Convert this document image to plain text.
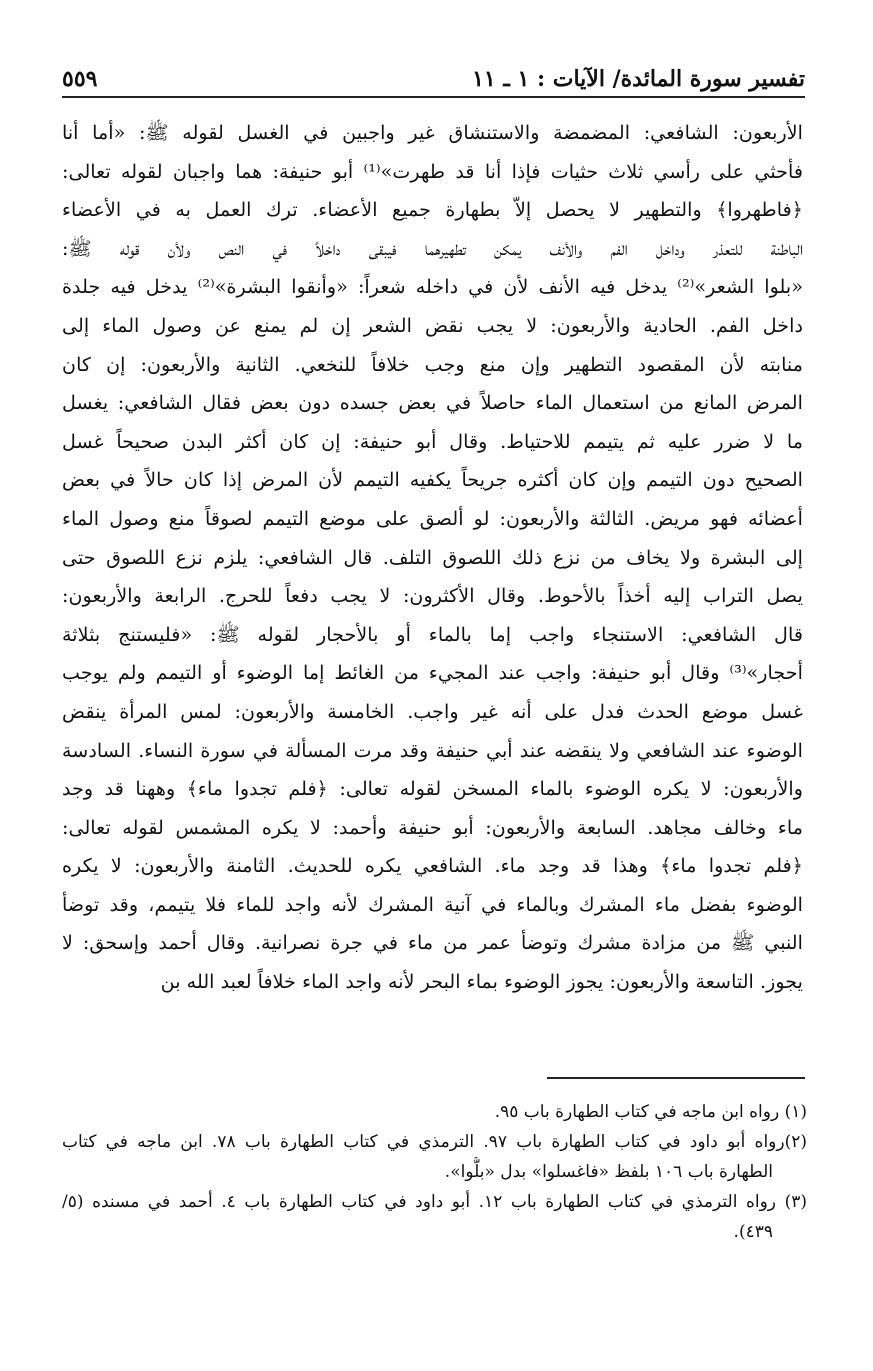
تفسير سورة المائدة/ الآيات : ١ ـ ١١
٥٥٩
الأربعون: الشافعي: المضمضة والاستنشاق غير واجبين في الغسل لقوله ﷺ: «أما أنا
فأحثي على رأسي ثلاث حثيات فإذا أنا قد طهرت»⁽¹⁾ أبو حنيفة: هما واجبان لقوله تعالى:
﴿فاطهروا﴾ والتطهير لا يحصل إلاّ بطهارة جميع الأعضاء. ترك العمل به في الأعضاء
الباطنة للتعذر وداخل الفم والأنف يمكن تطهيرهما فيبقى داخلاً في النص ولأن قوله ﷺ:
«بلوا الشعر»⁽²⁾ يدخل فيه الأنف لأن في داخله شعراً: «وأنقوا البشرة»⁽²⁾ يدخل فيه جلدة
داخل الفم. الحادية والأربعون: لا يجب نقض الشعر إن لم يمنع عن وصول الماء إلى
منابته لأن المقصود التطهير وإن منع وجب خلافاً للنخعي. الثانية والأربعون: إن كان
المرض المانع من استعمال الماء حاصلاً في بعض جسده دون بعض فقال الشافعي: يغسل
ما لا ضرر عليه ثم يتيمم للاحتياط. وقال أبو حنيفة: إن كان أكثر البدن صحيحاً غسل
الصحيح دون التيمم وإن كان أكثره جريحاً يكفيه التيمم لأن المرض إذا كان حالاً في بعض
أعضائه فهو مريض. الثالثة والأربعون: لو ألصق على موضع التيمم لصوقاً منع وصول الماء
إلى البشرة ولا يخاف من نزع ذلك اللصوق التلف. قال الشافعي: يلزم نزع اللصوق حتى
يصل التراب إليه أخذاً بالأحوط. وقال الأكثرون: لا يجب دفعاً للحرج. الرابعة والأربعون:
قال الشافعي: الاستنجاء واجب إما بالماء أو بالأحجار لقوله ﷺ: «فليستنج بثلاثة
أحجار»⁽³⁾ وقال أبو حنيفة: واجب عند المجيء من الغائط إما الوضوء أو التيمم ولم يوجب
غسل موضع الحدث فدل على أنه غير واجب. الخامسة والأربعون: لمس المرأة ينقض
الوضوء عند الشافعي ولا ينقضه عند أبي حنيفة وقد مرت المسألة في سورة النساء. السادسة
والأربعون: لا يكره الوضوء بالماء المسخن لقوله تعالى: ﴿فلم تجدوا ماء﴾ وههنا قد وجد
ماء وخالف مجاهد. السابعة والأربعون: أبو حنيفة وأحمد: لا يكره المشمس لقوله تعالى:
﴿فلم تجدوا ماء﴾ وهذا قد وجد ماء. الشافعي يكره للحديث. الثامنة والأربعون: لا يكره
الوضوء بفضل ماء المشرك وبالماء في آنية المشرك لأنه واجد للماء فلا يتيمم، وقد توضأ
النبي ﷺ من مزادة مشرك وتوضأ عمر من ماء في جرة نصرانية. وقال أحمد وإسحق: لا
يجوز. التاسعة والأربعون: يجوز الوضوء بماء البحر لأنه واجد الماء خلافاً لعبد الله بن
(١) رواه ابن ماجه في كتاب الطهارة باب ٩٥.
(٢)رواه أبو داود في كتاب الطهارة باب ٩٧. الترمذي في كتاب الطهارة باب ٧٨. ابن ماجه في كتاب
الطهارة باب ١٠٦ بلفظ «فاغسلوا» بدل «بلُّوا».
(٣) رواه الترمذي في كتاب الطهارة باب ١٢. أبو داود في كتاب الطهارة باب ٤. أحمد في مسنده (٥/
٤٣٩).
